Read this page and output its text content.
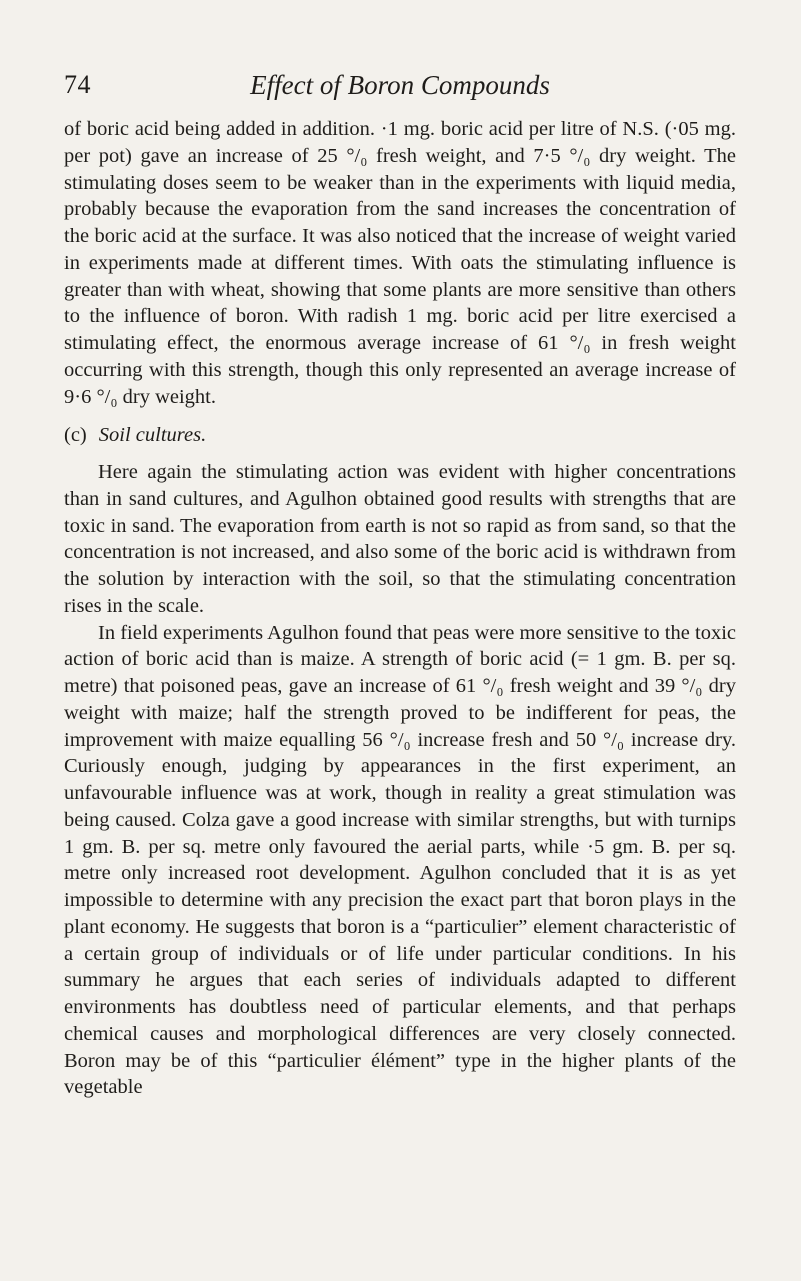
74	Effect of Boron Compounds

of boric acid being added in addition. ·1 mg. boric acid per litre of N.S. (·05 mg. per pot) gave an increase of 25 °/₀ fresh weight, and 7·5 °/₀ dry weight. The stimulating doses seem to be weaker than in the experiments with liquid media, probably because the evaporation from the sand increases the concentration of the boric acid at the surface. It was also noticed that the increase of weight varied in experiments made at different times. With oats the stimulating influence is greater than with wheat, showing that some plants are more sensitive than others to the influence of boron. With radish 1 mg. boric acid per litre exercised a stimulating effect, the enormous average increase of 61 °/₀ in fresh weight occurring with this strength, though this only represented an average increase of 9·6 °/₀ dry weight.

(c) Soil cultures.

Here again the stimulating action was evident with higher concentrations than in sand cultures, and Agulhon obtained good results with strengths that are toxic in sand. The evaporation from earth is not so rapid as from sand, so that the concentration is not increased, and also some of the boric acid is withdrawn from the solution by interaction with the soil, so that the stimulating concentration rises in the scale.

In field experiments Agulhon found that peas were more sensitive to the toxic action of boric acid than is maize. A strength of boric acid (= 1 gm. B. per sq. metre) that poisoned peas, gave an increase of 61 °/₀ fresh weight and 39 °/₀ dry weight with maize; half the strength proved to be indifferent for peas, the improvement with maize equalling 56 °/₀ increase fresh and 50 °/₀ increase dry. Curiously enough, judging by appearances in the first experiment, an unfavourable influence was at work, though in reality a great stimulation was being caused. Colza gave a good increase with similar strengths, but with turnips 1 gm. B. per sq. metre only favoured the aerial parts, while ·5 gm. B. per sq. metre only increased root development. Agulhon concluded that it is as yet impossible to determine with any precision the exact part that boron plays in the plant economy. He suggests that boron is a “particulier” element characteristic of a certain group of individuals or of life under particular conditions. In his summary he argues that each series of individuals adapted to different environments has doubtless need of particular elements, and that perhaps chemical causes and morphological differences are very closely connected. Boron may be of this “particulier élément” type in the higher plants of the vegetable
